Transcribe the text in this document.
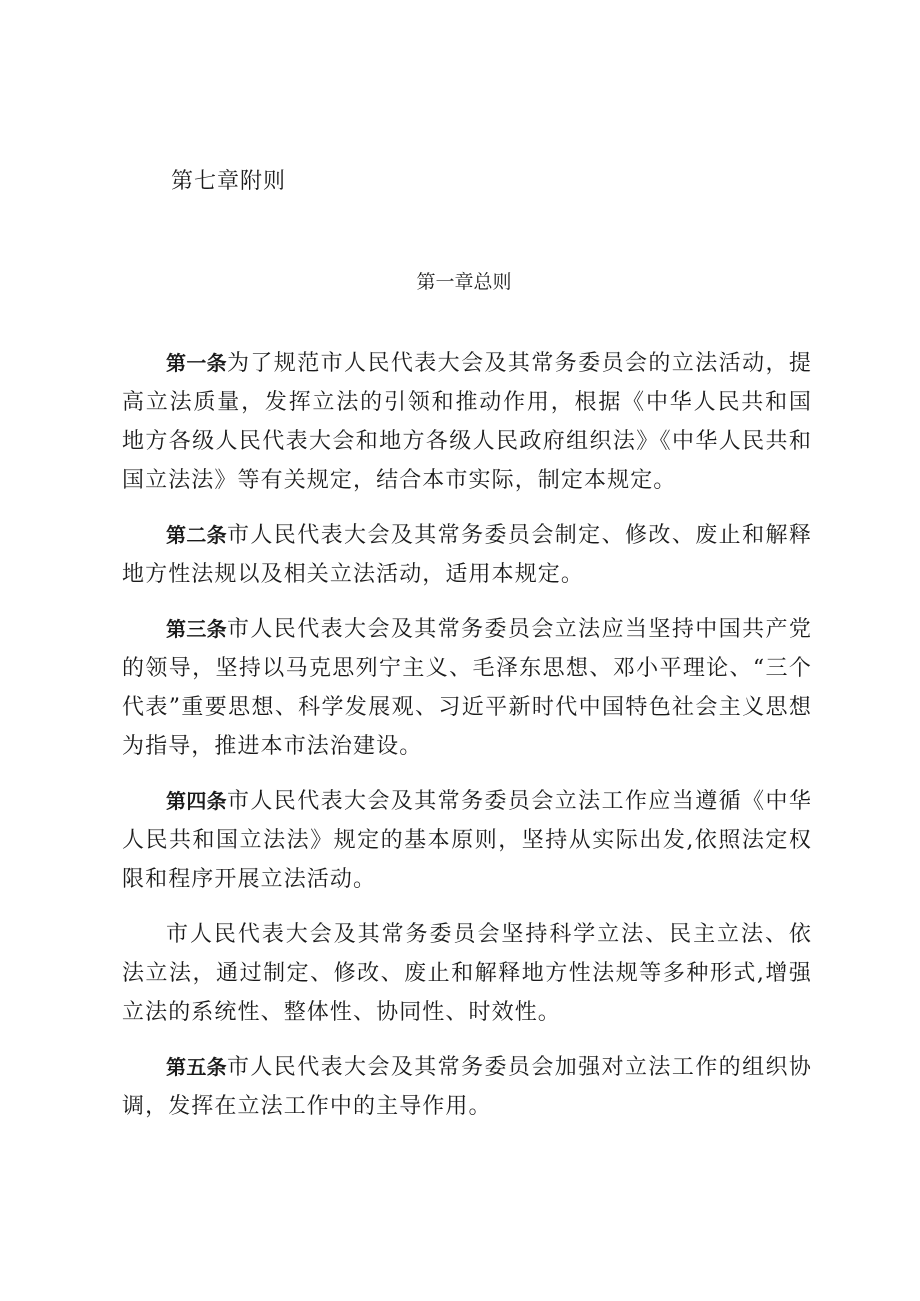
第七章附则
第一章总则

第一条为了规范市人民代表大会及其常务委员会的立法活动，提高立法质量，发挥立法的引领和推动作用，根据《中华人民共和国地方各级人民代表大会和地方各级人民政府组织法》《中华人民共和国立法法》等有关规定，结合本市实际，制定本规定。

第二条市人民代表大会及其常务委员会制定、修改、废止和解释地方性法规以及相关立法活动，适用本规定。

第三条市人民代表大会及其常务委员会立法应当坚持中国共产党的领导，坚持以马克思列宁主义、毛泽东思想、邓小平理论、“三个代表”重要思想、科学发展观、习近平新时代中国特色社会主义思想为指导，推进本市法治建设。

第四条市人民代表大会及其常务委员会立法工作应当遵循《中华人民共和国立法法》规定的基本原则，坚持从实际出发,依照法定权限和程序开展立法活动。

市人民代表大会及其常务委员会坚持科学立法、民主立法、依法立法，通过制定、修改、废止和解释地方性法规等多种形式,增强立法的系统性、整体性、协同性、时效性。

第五条市人民代表大会及其常务委员会加强对立法工作的组织协调，发挥在立法工作中的主导作用。
